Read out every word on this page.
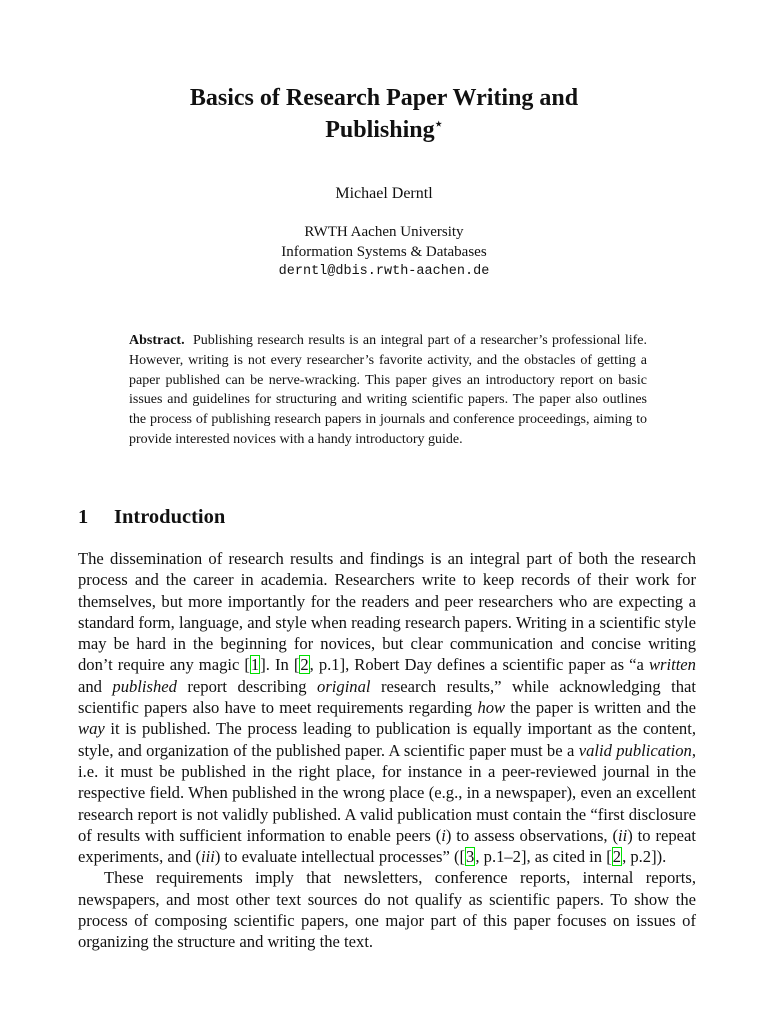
Basics of Research Paper Writing and
Publishing⋆
Michael Derntl
RWTH Aachen University
Information Systems & Databases
derntl@dbis.rwth-aachen.de
Abstract. Publishing research results is an integral part of a researcher’s professional life. However, writing is not every researcher’s favorite activity, and the obstacles of getting a paper published can be nerve-wracking. This paper gives an introductory report on basic issues and guidelines for structuring and writing scientific papers. The paper also outlines the process of publishing research papers in journals and conference proceedings, aiming to provide interested novices with a handy introductory guide.
1 Introduction

The dissemination of research results and findings is an integral part of both the research process and the career in academia. Researchers write to keep records of their work for themselves, but more importantly for the readers and peer researchers who are expecting a standard form, language, and style when reading research papers. Writing in a scientific style may be hard in the beginning for novices, but clear communication and concise writing don’t require any magic [1]. In [2, p.1], Robert Day defines a scientific paper as “a written and published report describing original research results,” while acknowledging that scientific papers also have to meet requirements regarding how the paper is written and the way it is published. The process leading to publication is equally important as the content, style, and organization of the published paper. A scientific paper must be a valid publication, i.e. it must be published in the right place, for instance in a peer-reviewed journal in the respective field. When published in the wrong place (e.g., in a newspaper), even an excellent research report is not validly published. A valid publication must contain the “first disclosure of results with sufficient information to enable peers (i) to assess observations, (ii) to repeat experiments, and (iii) to evaluate intellectual processes” ([3, p.1–2], as cited in [2, p.2]).

These requirements imply that newsletters, conference reports, internal reports, newspapers, and most other text sources do not qualify as scientific papers. To show the process of composing scientific papers, one major part of this paper focuses on issues of organizing the structure and writing the text.
